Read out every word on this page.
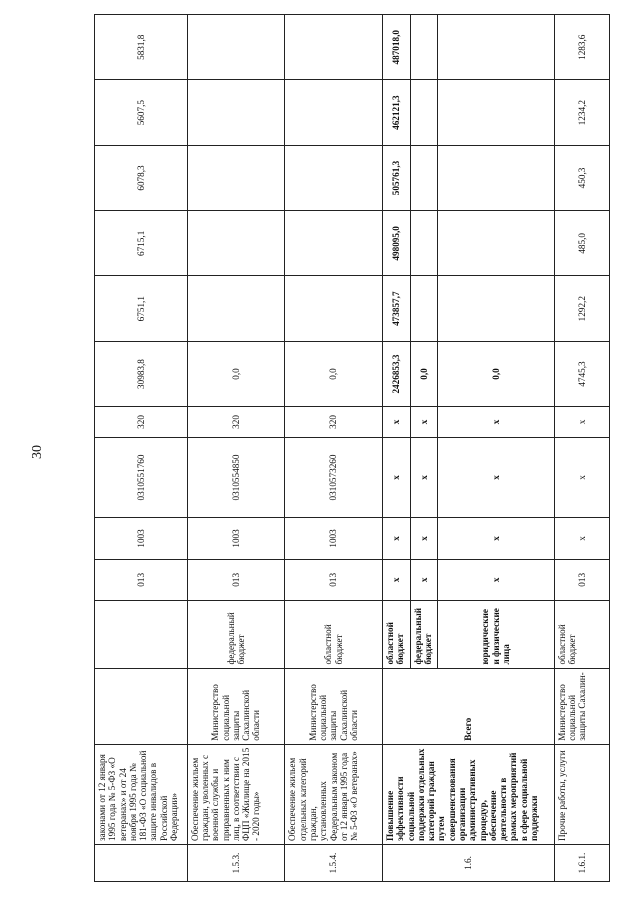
30
	законами от 12 января 1995 года № 5-ФЗ «О ветеранах» и от 24 ноября 1995 года № 181-ФЗ «О социальной защите инвалидов в Российской Федерации»			013	1003	0310551760	320	30983,8	6751,1	6715,1	6078,3	5607,5	5831,8
1.5.3.	Обеспечение жильем граждан, уволенных с военной службы и приравненных к ним лиц, в соответствии с ФЦП «Жилище на 2015 - 2020 годы»	Министерство социальной защиты Сахалинской области	федеральный бюджет	013	1003	0310554850	320	0,0					
1.5.4.	Обеспечение жильем отдельных категорий граждан, установленных Федеральным законом от 12 января 1995 года № 5-ФЗ «О ветеранах»	Министерство социальной защиты Сахалинской области	областной бюджет	013	1003	0310573260	320	0,0					
1.6.	Повышение эффективности социальной поддержки отдельных категорий граждан путем совершенствования организации административных процедур, обеспечение деятельности в рамках мероприятий в сфере социальной поддержки	Всего	областной бюджет	х	х	х	х	2426853,3	473857,7	498095,0	505761,3	462121,3	487018,0
			федеральный бюджет	х	х	х	х	0,0					
			юридические и физические лица	х	х	х	х	0,0					
1.6.1.	Прочие работы, услуги	Министерство социальной защиты Сахалин-	областной бюджет	013	х	х	х	4745,3	1292,2	485,0	450,3	1234,2	1283,6
